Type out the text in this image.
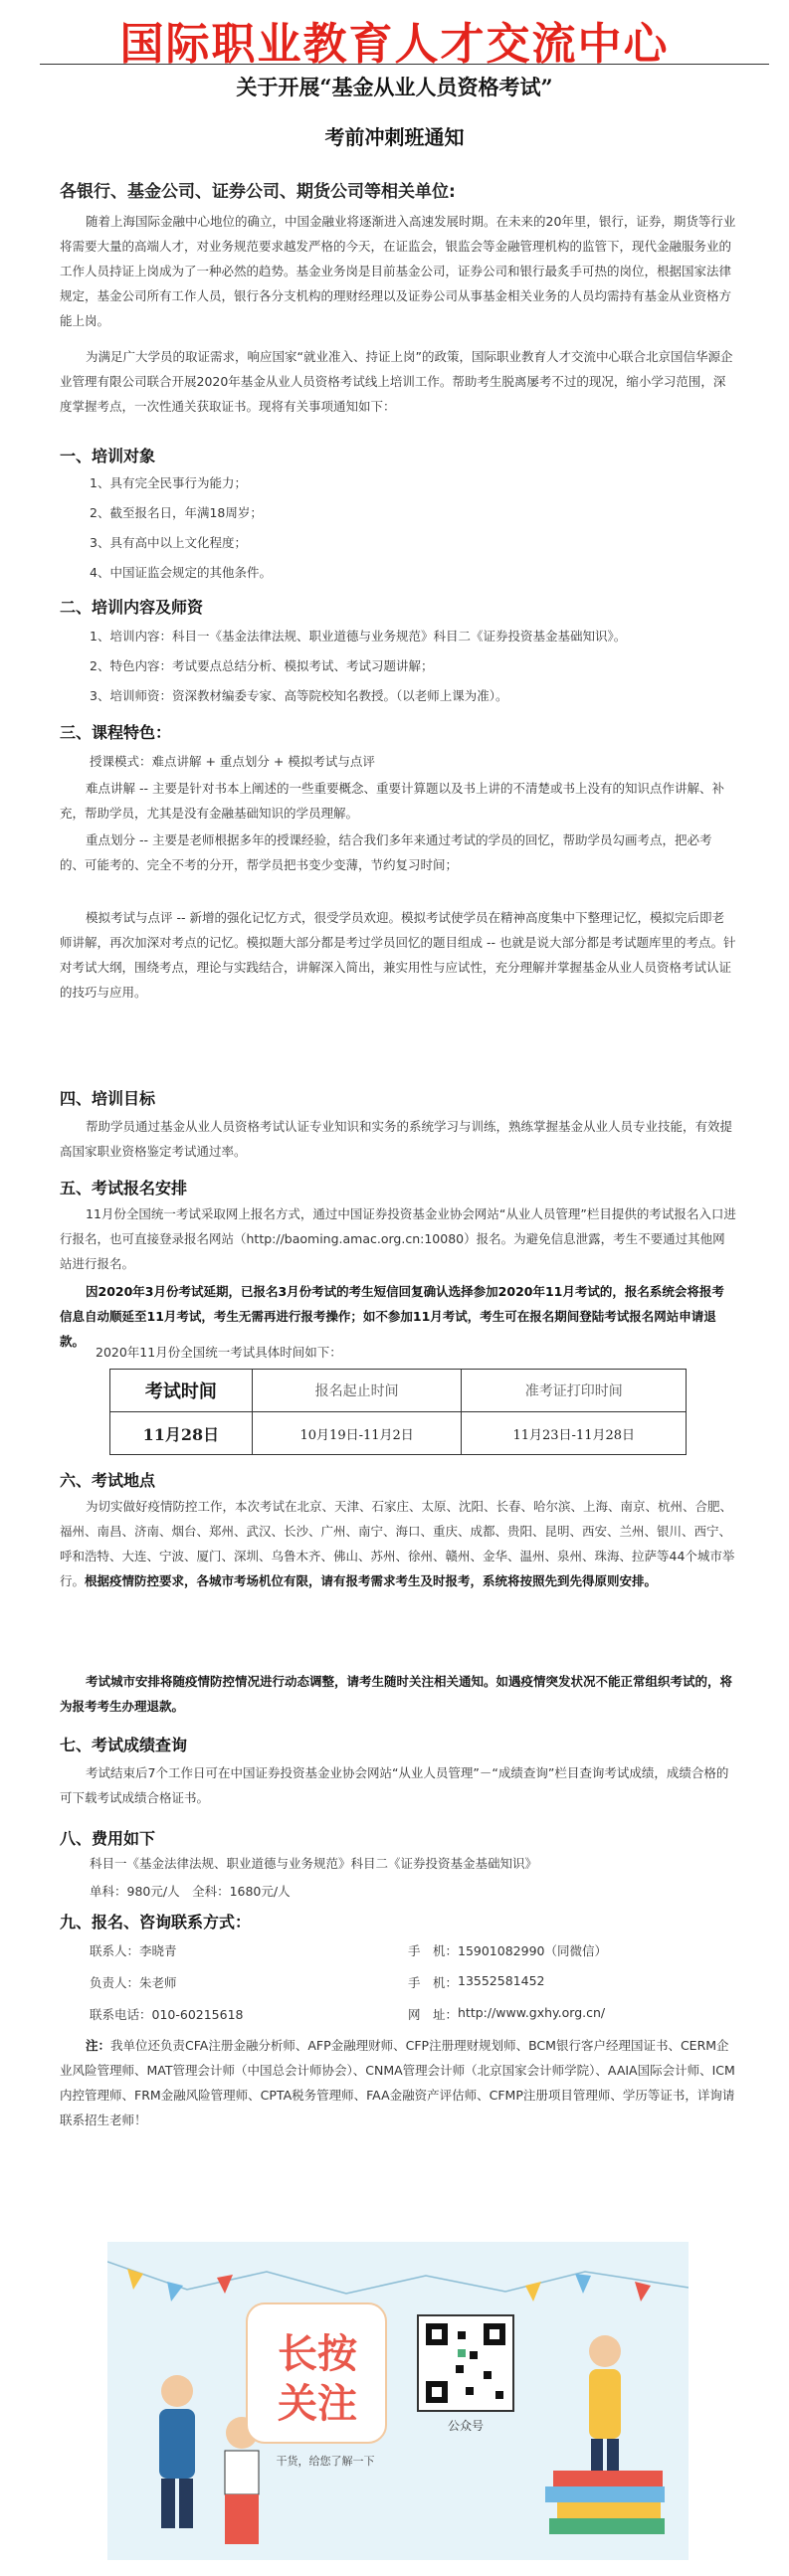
国际职业教育人才交流中心
关于开展“基金从业人员资格考试”
考前冲刺班通知
各银行、基金公司、证券公司、期货公司等相关单位:
随着上海国际金融中心地位的确立，中国金融业将逐渐进入高速发展时期。在未来的20年里，银行，证券，期货等行业将需要大量的高端人才，对业务规范要求越发严格的今天，在证监会，银监会等金融管理机构的监管下，现代金融服务业的工作人员持证上岗成为了一种必然的趋势。基金业务岗是目前基金公司，证券公司和银行最炙手可热的岗位，根据国家法律规定，基金公司所有工作人员，银行各分支机构的理财经理以及证券公司从事基金相关业务的人员均需持有基金从业资格方能上岗。
为满足广大学员的取证需求，响应国家“就业准入、持证上岗”的政策，国际职业教育人才交流中心联合北京国信华源企业管理有限公司联合开展2020年基金从业人员资格考试线上培训工作。帮助考生脱离屡考不过的现况，缩小学习范围，深度掌握考点，一次性通关获取证书。现将有关事项通知如下：
一、培训对象
1、具有完全民事行为能力；
2、截至报名日，年满18周岁；
3、具有高中以上文化程度；
4、中国证监会规定的其他条件。
二、培训内容及师资
1、培训内容：科目一《基金法律法规、职业道德与业务规范》科目二《证券投资基金基础知识》。
2、特色内容：考试要点总结分析、模拟考试、考试习题讲解；
3、培训师资：资深教材编委专家、高等院校知名教授。（以老师上课为准）。
三、课程特色：
授课模式：难点讲解 + 重点划分 + 模拟考试与点评
难点讲解 -- 主要是针对书本上阐述的一些重要概念、重要计算题以及书上讲的不清楚或书上没有的知识点作讲解、补充，帮助学员，尤其是没有金融基础知识的学员理解。
重点划分 -- 主要是老师根据多年的授课经验，结合我们多年来通过考试的学员的回忆，帮助学员勾画考点，把必考的、可能考的、完全不考的分开，帮学员把书变少变薄，节约复习时间；
模拟考试与点评 -- 新增的强化记忆方式，很受学员欢迎。模拟考试使学员在精神高度集中下整理记忆，模拟完后即老师讲解，再次加深对考点的记忆。模拟题大部分都是考过学员回忆的题目组成 -- 也就是说大部分都是考试题库里的考点。针对考试大纲，围绕考点，理论与实践结合，讲解深入简出，兼实用性与应试性，充分理解并掌握基金从业人员资格考试认证的技巧与应用。
四、培训目标
帮助学员通过基金从业人员资格考试认证专业知识和实务的系统学习与训练，熟练掌握基金从业人员专业技能，有效提高国家职业资格鉴定考试通过率。
五、考试报名安排
11月份全国统一考试采取网上报名方式，通过中国证券投资基金业协会网站“从业人员管理”栏目提供的考试报名入口进行报名，也可直接登录报名网站（http://baoming.amac.org.cn:10080）报名。为避免信息泄露，考生不要通过其他网站进行报名。
因2020年3月份考试延期，已报名3月份考试的考生短信回复确认选择参加2020年11月考试的，报名系统会将报考信息自动顺延至11月考试，考生无需再进行报考操作；如不参加11月考试，考生可在报名期间登陆考试报名网站申请退款。
2020年11月份全国统一考试具体时间如下：
考试时间	报名起止时间	准考证打印时间
11月28日	10月19日-11月2日	11月23日-11月28日
六、考试地点
为切实做好疫情防控工作，本次考试在北京、天津、石家庄、太原、沈阳、长春、哈尔滨、上海、南京、杭州、合肥、福州、南昌、济南、烟台、郑州、武汉、长沙、广州、南宁、海口、重庆、成都、贵阳、昆明、西安、兰州、银川、西宁、呼和浩特、大连、宁波、厦门、深圳、乌鲁木齐、佛山、苏州、徐州、赣州、金华、温州、泉州、珠海、拉萨等44个城市举行。根据疫情防控要求，各城市考场机位有限，请有报考需求考生及时报考，系统将按照先到先得原则安排。
考试城市安排将随疫情防控情况进行动态调整，请考生随时关注相关通知。如遇疫情突发状况不能正常组织考试的，将为报考考生办理退款。
七、考试成绩查询
考试结束后7个工作日可在中国证券投资基金业协会网站“从业人员管理”－“成绩查询”栏目查询考试成绩，成绩合格的可下载考试成绩合格证书。
八、费用如下
科目一《基金法律法规、职业道德与业务规范》科目二《证券投资基金基础知识》
单科：980元/人　全科：1680元/人
九、报名、咨询联系方式：
联系人：李晓青	手　机： 15901082990（同微信）
负责人：朱老师	手　机： 13552581452
联系电话：010-60215618	网　址： http://www.gxhy.org.cn/
注：我单位还负责CFA注册金融分析师、AFP金融理财师、CFP注册理财规划师、BCM银行客户经理国证书、CERM企业风险管理师、MAT管理会计师（中国总会计师协会）、CNMA管理会计师（北京国家会计师学院）、AAIA国际会计师、ICM内控管理师、FRM金融风险管理师、CPTA税务管理师、FAA金融资产评估师、CFMP注册项目管理师、学历等证书，详询请联系招生老师！
长按关注
干货，给您了解一下
公众号
